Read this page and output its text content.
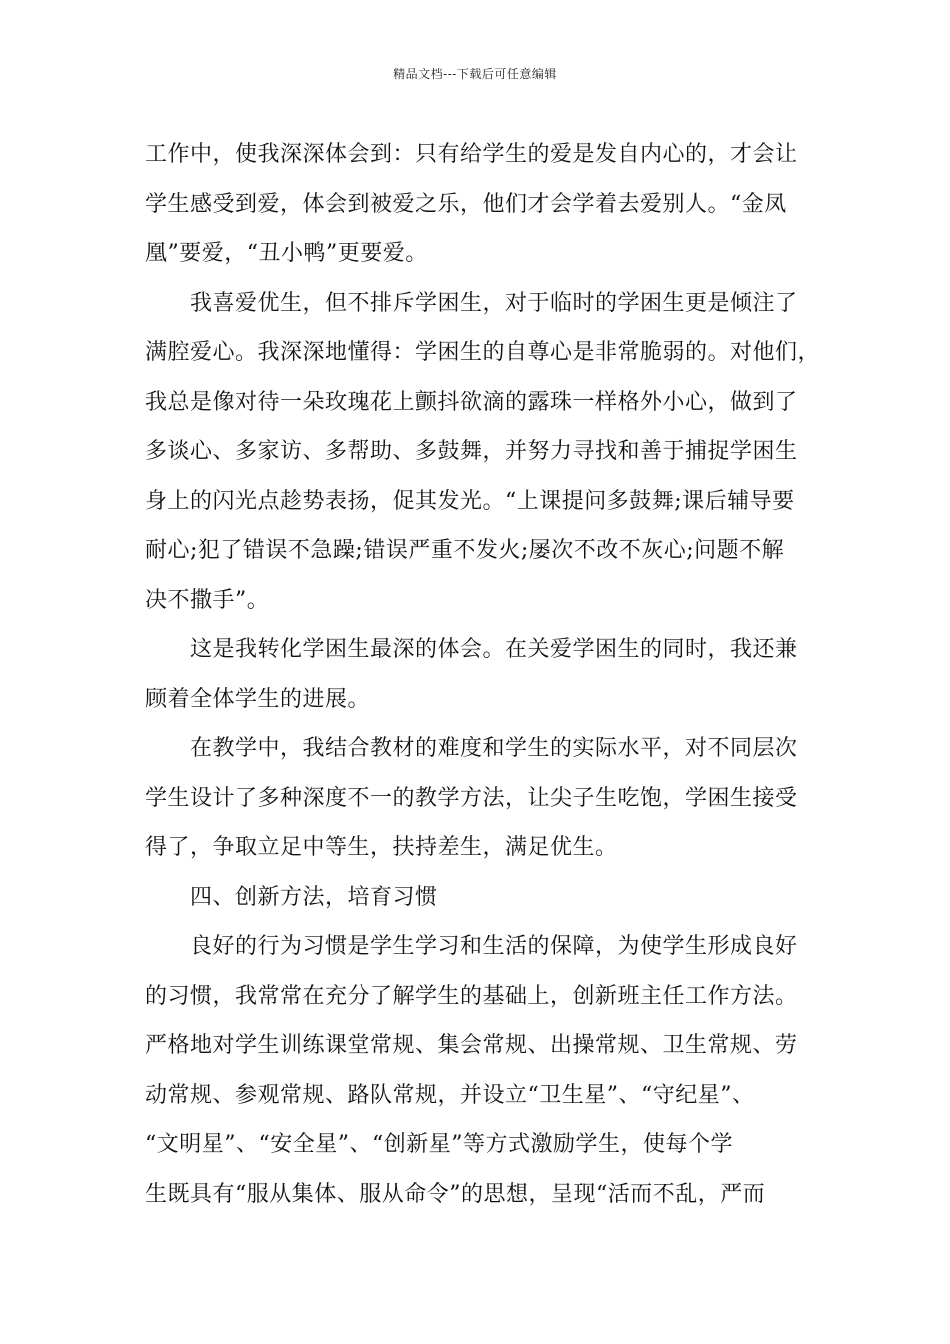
精品文档---下载后可任意编辑
工作中，使我深深体会到：只有给学生的爱是发自内心的，才会让
学生感受到爱，体会到被爱之乐，他们才会学着去爱别人。“金凤
凰”要爱，“丑小鸭”更要爱。
我喜爱优生，但不排斥学困生，对于临时的学困生更是倾注了
满腔爱心。我深深地懂得：学困生的自尊心是非常脆弱的。对他们，
我总是像对待一朵玫瑰花上颤抖欲滴的露珠一样格外小心，做到了
多谈心、多家访、多帮助、多鼓舞，并努力寻找和善于捕捉学困生
身上的闪光点趁势表扬，促其发光。“上课提问多鼓舞;课后辅导要
耐心;犯了错误不急躁;错误严重不发火;屡次不改不灰心;问题不解
决不撒手”。
这是我转化学困生最深的体会。在关爱学困生的同时，我还兼
顾着全体学生的进展。
在教学中，我结合教材的难度和学生的实际水平，对不同层次
学生设计了多种深度不一的教学方法，让尖子生吃饱，学困生接受
得了，争取立足中等生，扶持差生，满足优生。
四、创新方法，培育习惯
良好的行为习惯是学生学习和生活的保障，为使学生形成良好
的习惯，我常常在充分了解学生的基础上，创新班主任工作方法。
严格地对学生训练课堂常规、集会常规、出操常规、卫生常规、劳
动常规、参观常规、路队常规，并设立“卫生星”、“守纪星”、
“文明星”、“安全星”、“创新星”等方式激励学生，使每个学
生既具有“服从集体、服从命令”的思想，呈现“活而不乱，严而
